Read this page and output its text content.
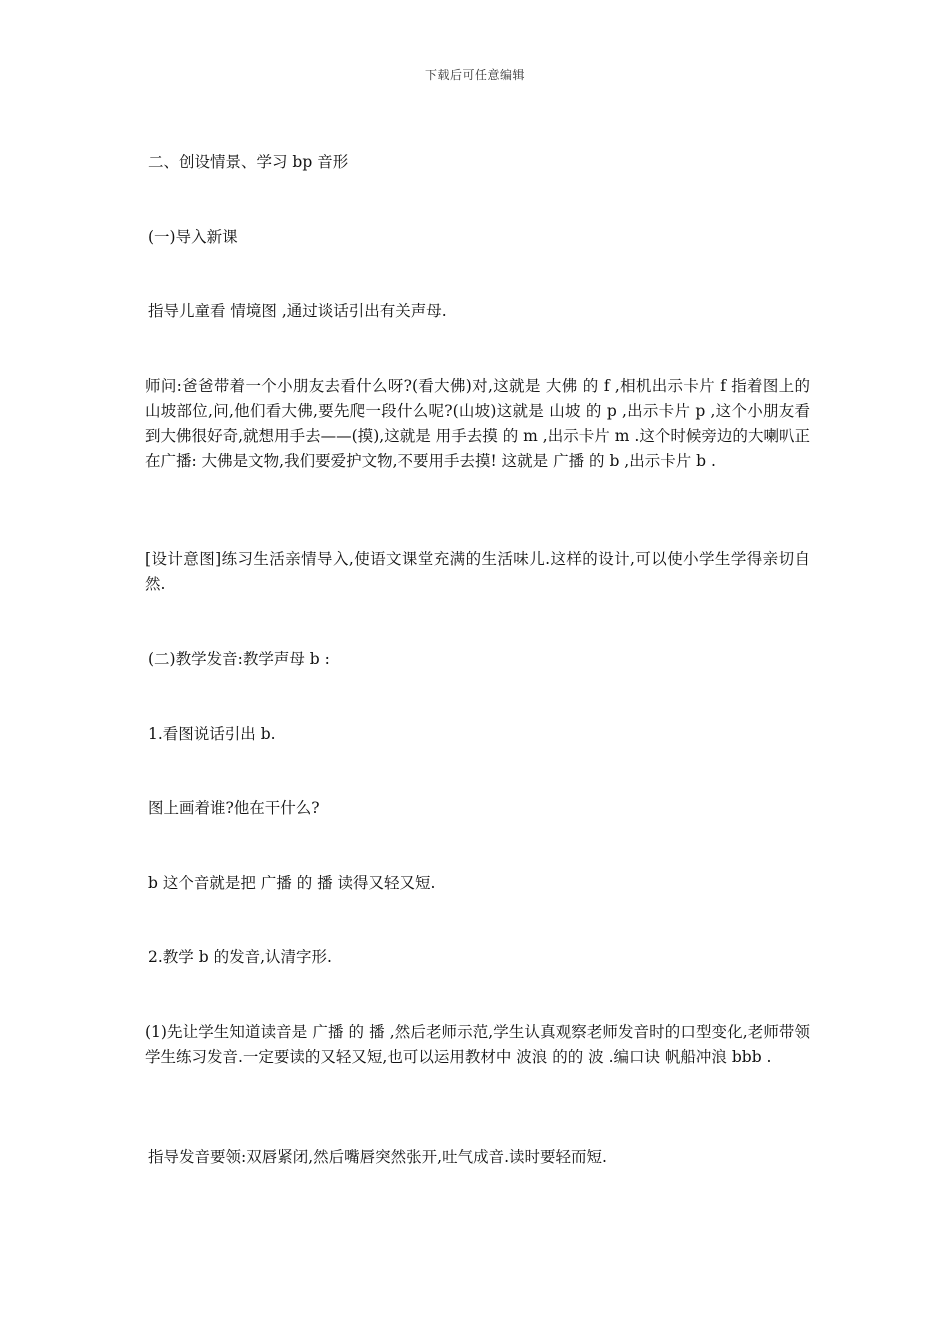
下载后可任意编辑

二、创设情景、学习 bp 音形

(一)导入新课

指导儿童看 情境图 ,通过谈话引出有关声母.

师问:爸爸带着一个小朋友去看什么呀?(看大佛)对,这就是 大佛 的 f ,相机出示卡片 f 指着图上的山坡部位,问,他们看大佛,要先爬一段什么呢?(山坡)这就是 山坡 的 p ,出示卡片 p ,这个小朋友看到大佛很好奇,就想用手去——(摸),这就是 用手去摸 的 m ,出示卡片 m .这个时候旁边的大喇叭正在广播: 大佛是文物,我们要爱护文物,不要用手去摸! 这就是 广播 的 b ,出示卡片 b .

[设计意图]练习生活亲情导入,使语文课堂充满的生活味儿.这样的设计,可以使小学生学得亲切自然.

(二)教学发音:教学声母 b :

1.看图说话引出 b.

图上画着谁?他在干什么?

b 这个音就是把 广播 的 播 读得又轻又短.

2.教学 b 的发音,认清字形.

(1)先让学生知道读音是 广播 的 播 ,然后老师示范,学生认真观察老师发音时的口型变化,老师带领学生练习发音.一定要读的又轻又短,也可以运用教材中 波浪 的的 波 .编口诀 帆船冲浪 bbb .

指导发音要领:双唇紧闭,然后嘴唇突然张开,吐气成音.读时要轻而短.
